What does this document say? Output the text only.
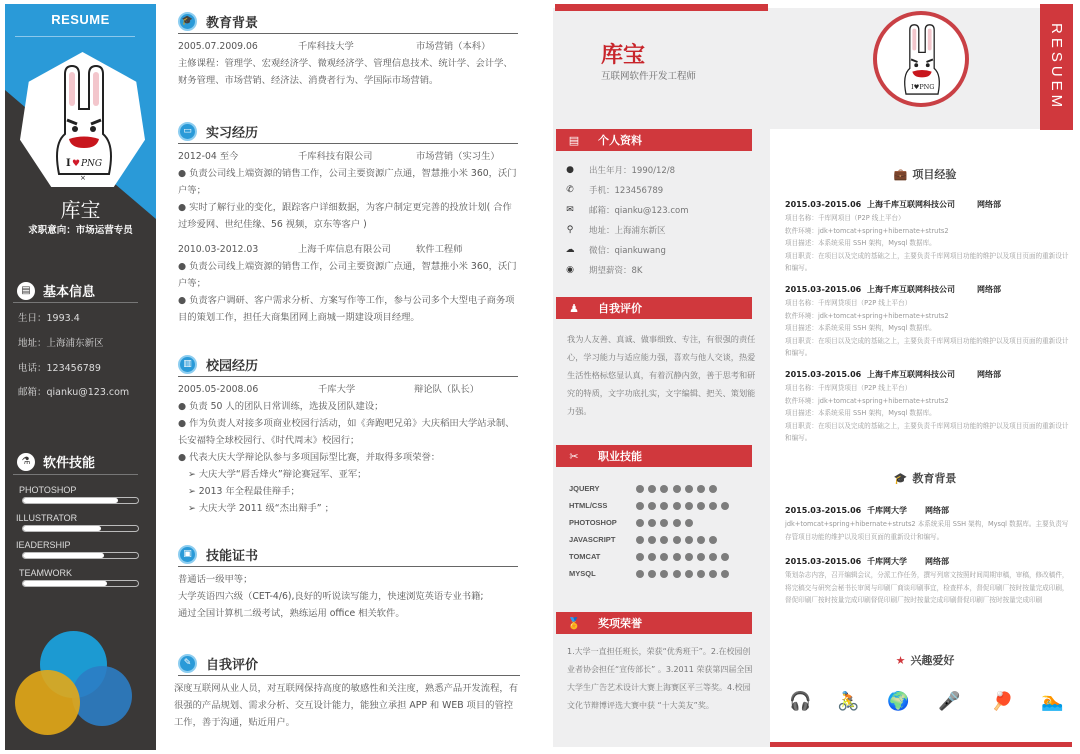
RESUME
I ♥ PNG
×
库宝
求职意向：市场运营专员
▤ 基本信息
生日：1993.4
地址：上海浦东新区
电话：123456789
邮箱：qianku@123.com
⚗ 软件技能
PHOTOSHOP
ILLUSTRATOR
IEADERSHIP
TEAMWORK
🎓 教育背景
2005.07.2009.06	千库科技大学	市场营销（本科）
主修课程：管理学、宏观经济学、微观经济学、管理信息技术、统计学、会计学、财务管理、市场营销、经济法、消费者行为、学国际市场营销。
▭	实习经历
2012-04 至今	千库科技有限公司	市场营销（实习生）
● 负责公司线上端资源的销售工作，公司主要资源广点通，智慧推小米 360，沃门户等；
● 实时了解行业的变化，跟踪客户详细数据，为客户制定更完善的投放计划( 合作过珍爱网、世纪佳缘、56 视频，京东等客户 )
2010.03-2012.03	上海千库信息有限公司	软件工程师
● 负责公司线上端资源的销售工作，公司主要资源广点通，智慧推小米 360，沃门户等；
● 负责客户调研、客户需求分析、方案写作等工作，参与公司多个大型电子商务项目的策划工作，担任大商集团网上商城一期建设项目经理。
▥	校园经历
2005.05-2008.06	千库大学	辩论队（队长）
● 负责 50 人的团队日常训练，选拔及团队建设；
● 作为负责人对接多项商业校园行活动，如《奔跑吧兄弟》大庆稻田大学站录制、长安福特全球校园行、《时代周末》校园行；
● 代表大庆大学辩论队参与多项国际型比赛，并取得多项荣誉：
➢ 大庆大学“唇舌烽火”辩论赛冠军、亚军；
➢ 2013 年全程最佳辩手；
➢ 大庆大学 2011 级“杰出辩手” ；
▣	技能证书
普通话一级甲等；
大学英语四六级（CET-4/6),良好的听说读写能力，快速浏览英语专业书籍;
通过全国计算机二级考试，熟练运用 office 相关软件。
✎	自我评价
深度互联网从业人员，对互联网保持高度的敏感性和关注度，熟悉产品开发流程，有很强的产品规划、需求分析、交互设计能力，能独立承担 APP 和 WEB 项目的管控工作，善于沟通，贴近用户。
库宝
互联网软件开发工程师
I♥PNG	RESUEM
▤	个人资料
● 出生年月：1990/12/8
✆ 手机：123456789
✉ 邮箱：qianku@123.com
⚲ 地址：上海浦东新区
☁ 微信：qiankuwang
◉ 期望薪资：8K
♟	自我评价
我为人友善、真诚、做事细致、专注，有很强的责任心，学习能力与适应能力强，喜欢与他人交谈，热爱生活性格标悠显认真，有着沉静内敛，善于思考和研究的特质，文字功底扎实，文字编辑、把关、策划能力强。
✂	职业技能
JQUERY
HTML/CSS
PHOTOSHOP
JAVASCRIPT
TOMCAT
MYSQL
🏅 奖项荣誉
1.大学一直担任班长，荣获“优秀班干”。2.在校园创业者协会担任“宣传部长” 。3.2011 荣获第四届全国大学生广告艺术设计大赛上海赛区平三等奖。4.校园文化节辩博评选大赛中获 “十大美友”奖。
💼 项目经验
2015.03-2015.06 上海千库互联网科技公司	网络部
项目名称：千库网项目（P2P 线上平台）
软件环境：jdk+tomcat+spring+hibernate+struts2
项目描述：本系统采用 SSH 架构，Mysql 数据库。
项目职责：在项目以及完成的基础之上，主要负责千库网项目功能的维护以及项目页面的重新设计和编写。
2015.03-2015.06 上海千库互联网科技公司	网络部
项目名称：千库网贷项目（P2P 线上平台）
软件环境：jdk+tomcat+spring+hibernate+struts2
项目描述：本系统采用 SSH 架构，Mysql 数据库。
项目职责：在项目以及完成的基础之上，主要负责千库网项目功能的维护以及项目页面的重新设计和编写。
2015.03-2015.06 上海千库互联网科技公司	网络部
项目名称：千库网贷项目（P2P 线上平台）
软件环境：jdk+tomcat+spring+hibernate+struts2
项目描述：本系统采用 SSH 架构，Mysql 数据库。
项目职责：在项目以及完成的基础之上，主要负责千库网项目功能的维护以及项目页面的重新设计和编写。
🎓 教育背景
2015.03-2015.06 千库网大学	网络部
jdk+tomcat+spring+hibernate+struts2 本系统采用 SSH 架构，Mysql 数据库。主要负责写存管项目功能的维护以及项目页面的重新设计和编写。
2015.03-2015.06 千库网大学	网络部
策划杂志内容，召开编辑会议，分派工作任务，撰写列席文按照时间周期审稿，审稿，修改稿件，将完稿交与研究会秘书长审阅与印刷厂商谈印刷事宜，检查样本，督促印刷厂按时按量完成印刷，督促印刷厂按时按量完成印刷督促印刷厂按时按量完成印刷督促印刷厂按时按量完成印刷
★ 兴趣爱好
🎧 🚴 🌍 🎤 🏓 🏊
